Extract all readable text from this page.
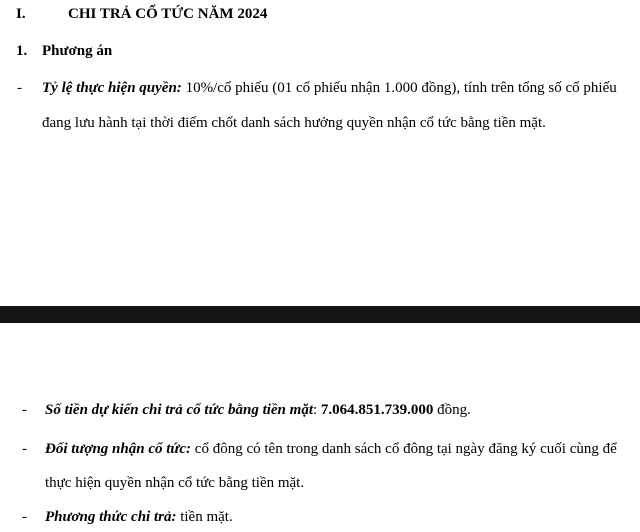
I.	CHI TRẢ CỔ TỨC NĂM 2024
1. Phương án
- Tỷ lệ thực hiện quyền: 10%/cổ phiếu (01 cổ phiếu nhận 1.000 đồng), tính trên tổng số cổ phiếu
đang lưu hành tại thời điểm chốt danh sách hưởng quyền nhận cổ tức bằng tiền mặt.
- Số tiền dự kiến chi trả cổ tức bằng tiền mặt: 7.064.851.739.000 đồng.
- Đối tượng nhận cổ tức: cổ đông có tên trong danh sách cổ đông tại ngày đăng ký cuối cùng để
thực hiện quyền nhận cổ tức bằng tiền mặt.
- Phương thức chi trả: tiền mặt.
